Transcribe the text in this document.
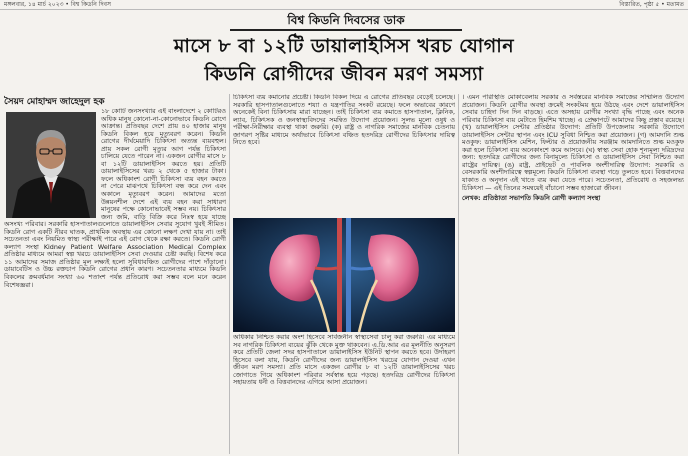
মঙ্গলবার, ১৪ মার্চ ২০২৩ • বিশ্ব কিডনি দিবস	বিস্তারিত, পৃষ্ঠা ৫ • মতামত
বিশ্ব কিডনি দিবসের ডাক
মাসে ৮ বা ১২টি ডায়ালাইসিস খরচ যোগান
কিডনি রোগীদের জীবন মরণ সমস্যা
সৈয়দ মোহাম্মদ জাহেদুল হক

১৮ কোটি জনসংখ্যার এই বাংলাদেশে ২ কোটিরও অধিক মানুষ কোনো-না-কোনোভাবে কিডনি রোগে আক্রান্ত। প্রতিবছর দেশে প্রায় ৪০ হাজার মানুষ কিডনি বিকল হয়ে মৃত্যুবরণ করেন। কিডনি রোগের দীর্ঘমেয়াদি চিকিৎসা অত্যন্ত ব্যয়বহুল। প্রায় সকল রোগী মৃত্যুর আগ পর্যন্ত চিকিৎসা চালিয়ে যেতে পারেন না। একজন রোগীর মাসে ৮ বা ১২টি ডায়ালাইসিস করতে হয়। প্রতিটি ডায়ালাইসিসের খরচ ২ থেকে ৫ হাজার টাকা। ফলে অধিকাংশ রোগী চিকিৎসা ব্যয় বহন করতে না পেরে মাঝপথে চিকিৎসা বন্ধ করে দেন এবং অকালে মৃত্যুবরণ করেন। আমাদের মতো উন্নয়নশীল দেশে এই ব্যয় বহন করা সাধারণ মানুষের পক্ষে কোনোভাবেই সম্ভব নয়। চিকিৎসার জন্য জমি, বাড়ি বিক্রি করে নিঃস্ব হয়ে যাচ্ছে অসংখ্য পরিবার। সরকারি হাসপাতালগুলোতে ডায়ালাইসিস সেবার সুযোগ খুবই সীমিত। কিডনি রোগ একটি নীরব ঘাতক, প্রাথমিক অবস্থায় এর কোনো লক্ষণ দেখা যায় না। তাই সচেতনতা এবং নিয়মিত স্বাস্থ্য পরীক্ষাই পারে এই রোগ থেকে রক্ষা করতে। কিডনি রোগী কল্যাণ সংস্থা Kidney Patient Welfare Association Medical Complex প্রতিষ্ঠার মাধ্যমে আমরা স্বল্প খরচে ডায়ালাইসিস সেবা দেওয়ার চেষ্টা করছি। বিশেষ করে ১১ আমাদের সমাজ প্রতিষ্ঠার মূল লক্ষ্যই হলো সুবিধাবঞ্চিত রোগীদের পাশে দাঁড়ানো। ডায়াবেটিস ও উচ্চ রক্তচাপ কিডনি রোগের প্রধান কারণ। সচেতনতার মাধ্যমে কিডনি বিকলের ক্রমবর্ধমান সংখ্যা ৬০ শতাংশ পর্যন্ত প্রতিরোধ করা সম্ভব বলে মনে করেন বিশেষজ্ঞরা।

চিকিৎসা ব্যয় কমানোর প্রচেষ্টা। কিডনি বিকল দিয়ে এ রোগের প্রতিবছর বেড়েই চলেছে। সরকারি হাসপাতালগুলোতে শয্যা ও যন্ত্রপাতির সংকট রয়েছে। ফলে অভাবের কারণে অনেকেই বিনা চিকিৎসায় মারা যাচ্ছেন। তাই চিকিৎসা ব্যয় কমাতে হাসপাতাল, ক্লিনিক, ল্যাব, চিকিৎসক ও জনস্বাস্থ্যবিদদের সমন্বিত উদ্যোগ প্রয়োজন। সুলভ মূল্যে ওষুধ ও পরীক্ষা-নিরীক্ষার ব্যবস্থা থাকা জরুরি। (ক) রাষ্ট্র ও নাগরিক সমাজের মানবিক চেতনায় জাগরণ সৃষ্টির মাধ্যমে অর্থাভাবে চিকিৎসা বঞ্চিত হতদরিদ্র রোগীদের চিকিৎসার দায়িত্ব নিতে হবে।

অধিকার নিশ্চিত করার অংশ হিসেবে সার্বজনীন স্বাস্থ্যসেবা চালু করা জরুরি। এর মাধ্যমে সব নাগরিক চিকিৎসা ব্যয়ের ঝুঁকি থেকে মুক্ত থাকবেন। এ.ডি.আর এর মূলনীতি অনুসরণ করে প্রতিটি জেলা সদর হাসপাতালে ডায়ালাইসিস ইউনিট স্থাপন করতে হবে। উদাহরণ হিসেবে বলা যায়, কিডনি রোগীদের জন্য ডায়ালাইসিস খরচের যোগান দেওয়া এখন জীবন মরণ সমস্যা। প্রতি মাসে একজন রোগীর ৮ বা ১২টি ডায়ালাইসিসের খরচ জোগাতে গিয়ে অধিকাংশ পরিবার সর্বস্বান্ত হয়ে পড়ছে। হতদরিদ্র রোগীদের চিকিৎসা সহায়তায় ধনী ও বিত্তবানদের এগিয়ে আসা প্রয়োজন।

। এমন পরিস্থিতি মোকাবেলায় সরকার ও সর্বস্তরের মানবিক সমাজের সম্মিলিত উদ্যোগ প্রয়োজন। কিডনি রোগীর অবস্থা ক্রমেই সংকটময় হয়ে উঠছে এবং দেশে ডায়ালাইসিস সেবার চাহিদা দিন দিন বাড়ছে। এতে অসহায় রোগীর সংখ্যা বৃদ্ধি পাচ্ছে এবং অনেক পরিবার চিকিৎসা ব্যয় মেটাতে হিমশিম খাচ্ছে। এ প্রেক্ষাপটে আমাদের কিছু প্রস্তাব রয়েছে। (খ) ডায়ালাইসিস সেন্টার প্রতিষ্ঠার উদ্যোগ: প্রতিটি উপজেলায় সরকারি উদ্যোগে ডায়ালাইসিস সেন্টার স্থাপন এবং ICU সুবিধা নিশ্চিত করা প্রয়োজন। (গ) আমদানি শুল্ক মওকুফ: ডায়ালাইসিস মেশিন, ফিল্টার ও প্রয়োজনীয় সরঞ্জাম আমদানিতে শুল্ক মওকুফ করা হলে চিকিৎসা ব্যয় অনেকাংশে কমে আসবে। (ঘ) স্বাস্থ্য সেবা হোক শূন্যমূল্য দরিদ্রদের জন্য: হতদরিদ্র রোগীদের জন্য বিনামূল্যে চিকিৎসা ও ডায়ালাইসিস সেবা নিশ্চিত করা রাষ্ট্রের দায়িত্ব। (ঙ) রাষ্ট্র, প্রাইভেট ও পাবলিক অংশীদারিত্ব উদ্যোগ: সরকারি ও বেসরকারি অংশীদারিত্বে স্বল্পমূল্যে কিডনি চিকিৎসা ব্যবস্থা গড়ে তুলতে হবে। বিত্তবানদের যাকাত ও অনুদান এই খাতে ব্যয় করা যেতে পারে। সচেতনতা, প্রতিরোধ ও সহজলভ্য চিকিৎসা — এই তিনের সমন্বয়েই বাঁচানো সম্ভব হাজারো জীবন।

লেখক: প্রতিষ্ঠাতা সভাপতি কিডনি রোগী কল্যাণ সংস্থা
